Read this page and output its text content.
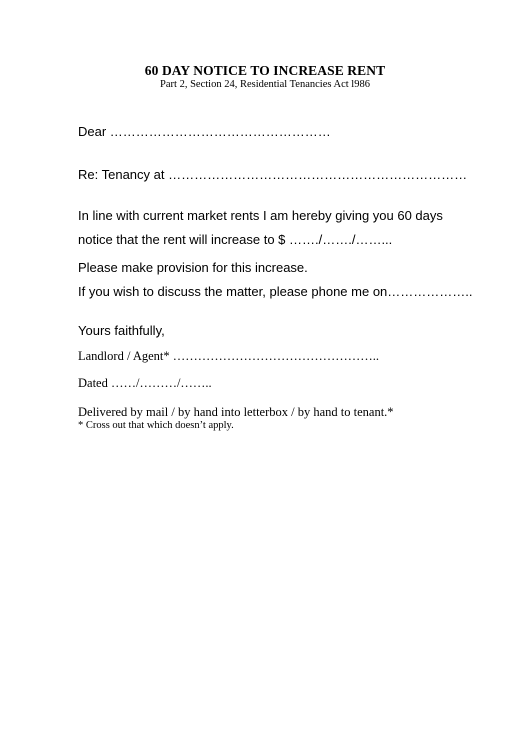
60 DAY NOTICE TO INCREASE RENT
Part 2, Section 24, Residential Tenancies Act l986
Dear ……………………………………………
Re: Tenancy at ……………………………………………………………
In line with current market rents I am hereby giving you 60 days
notice that the rent will increase to $ ……./……./……...
Please make provision for this increase.
If you wish to discuss the matter, please phone me on………………..
Yours faithfully,
Landlord / Agent* …………………………………………..
Dated ……/………/……..
Delivered by mail / by hand into letterbox / by hand to tenant.*
* Cross out that which doesn’t apply.
